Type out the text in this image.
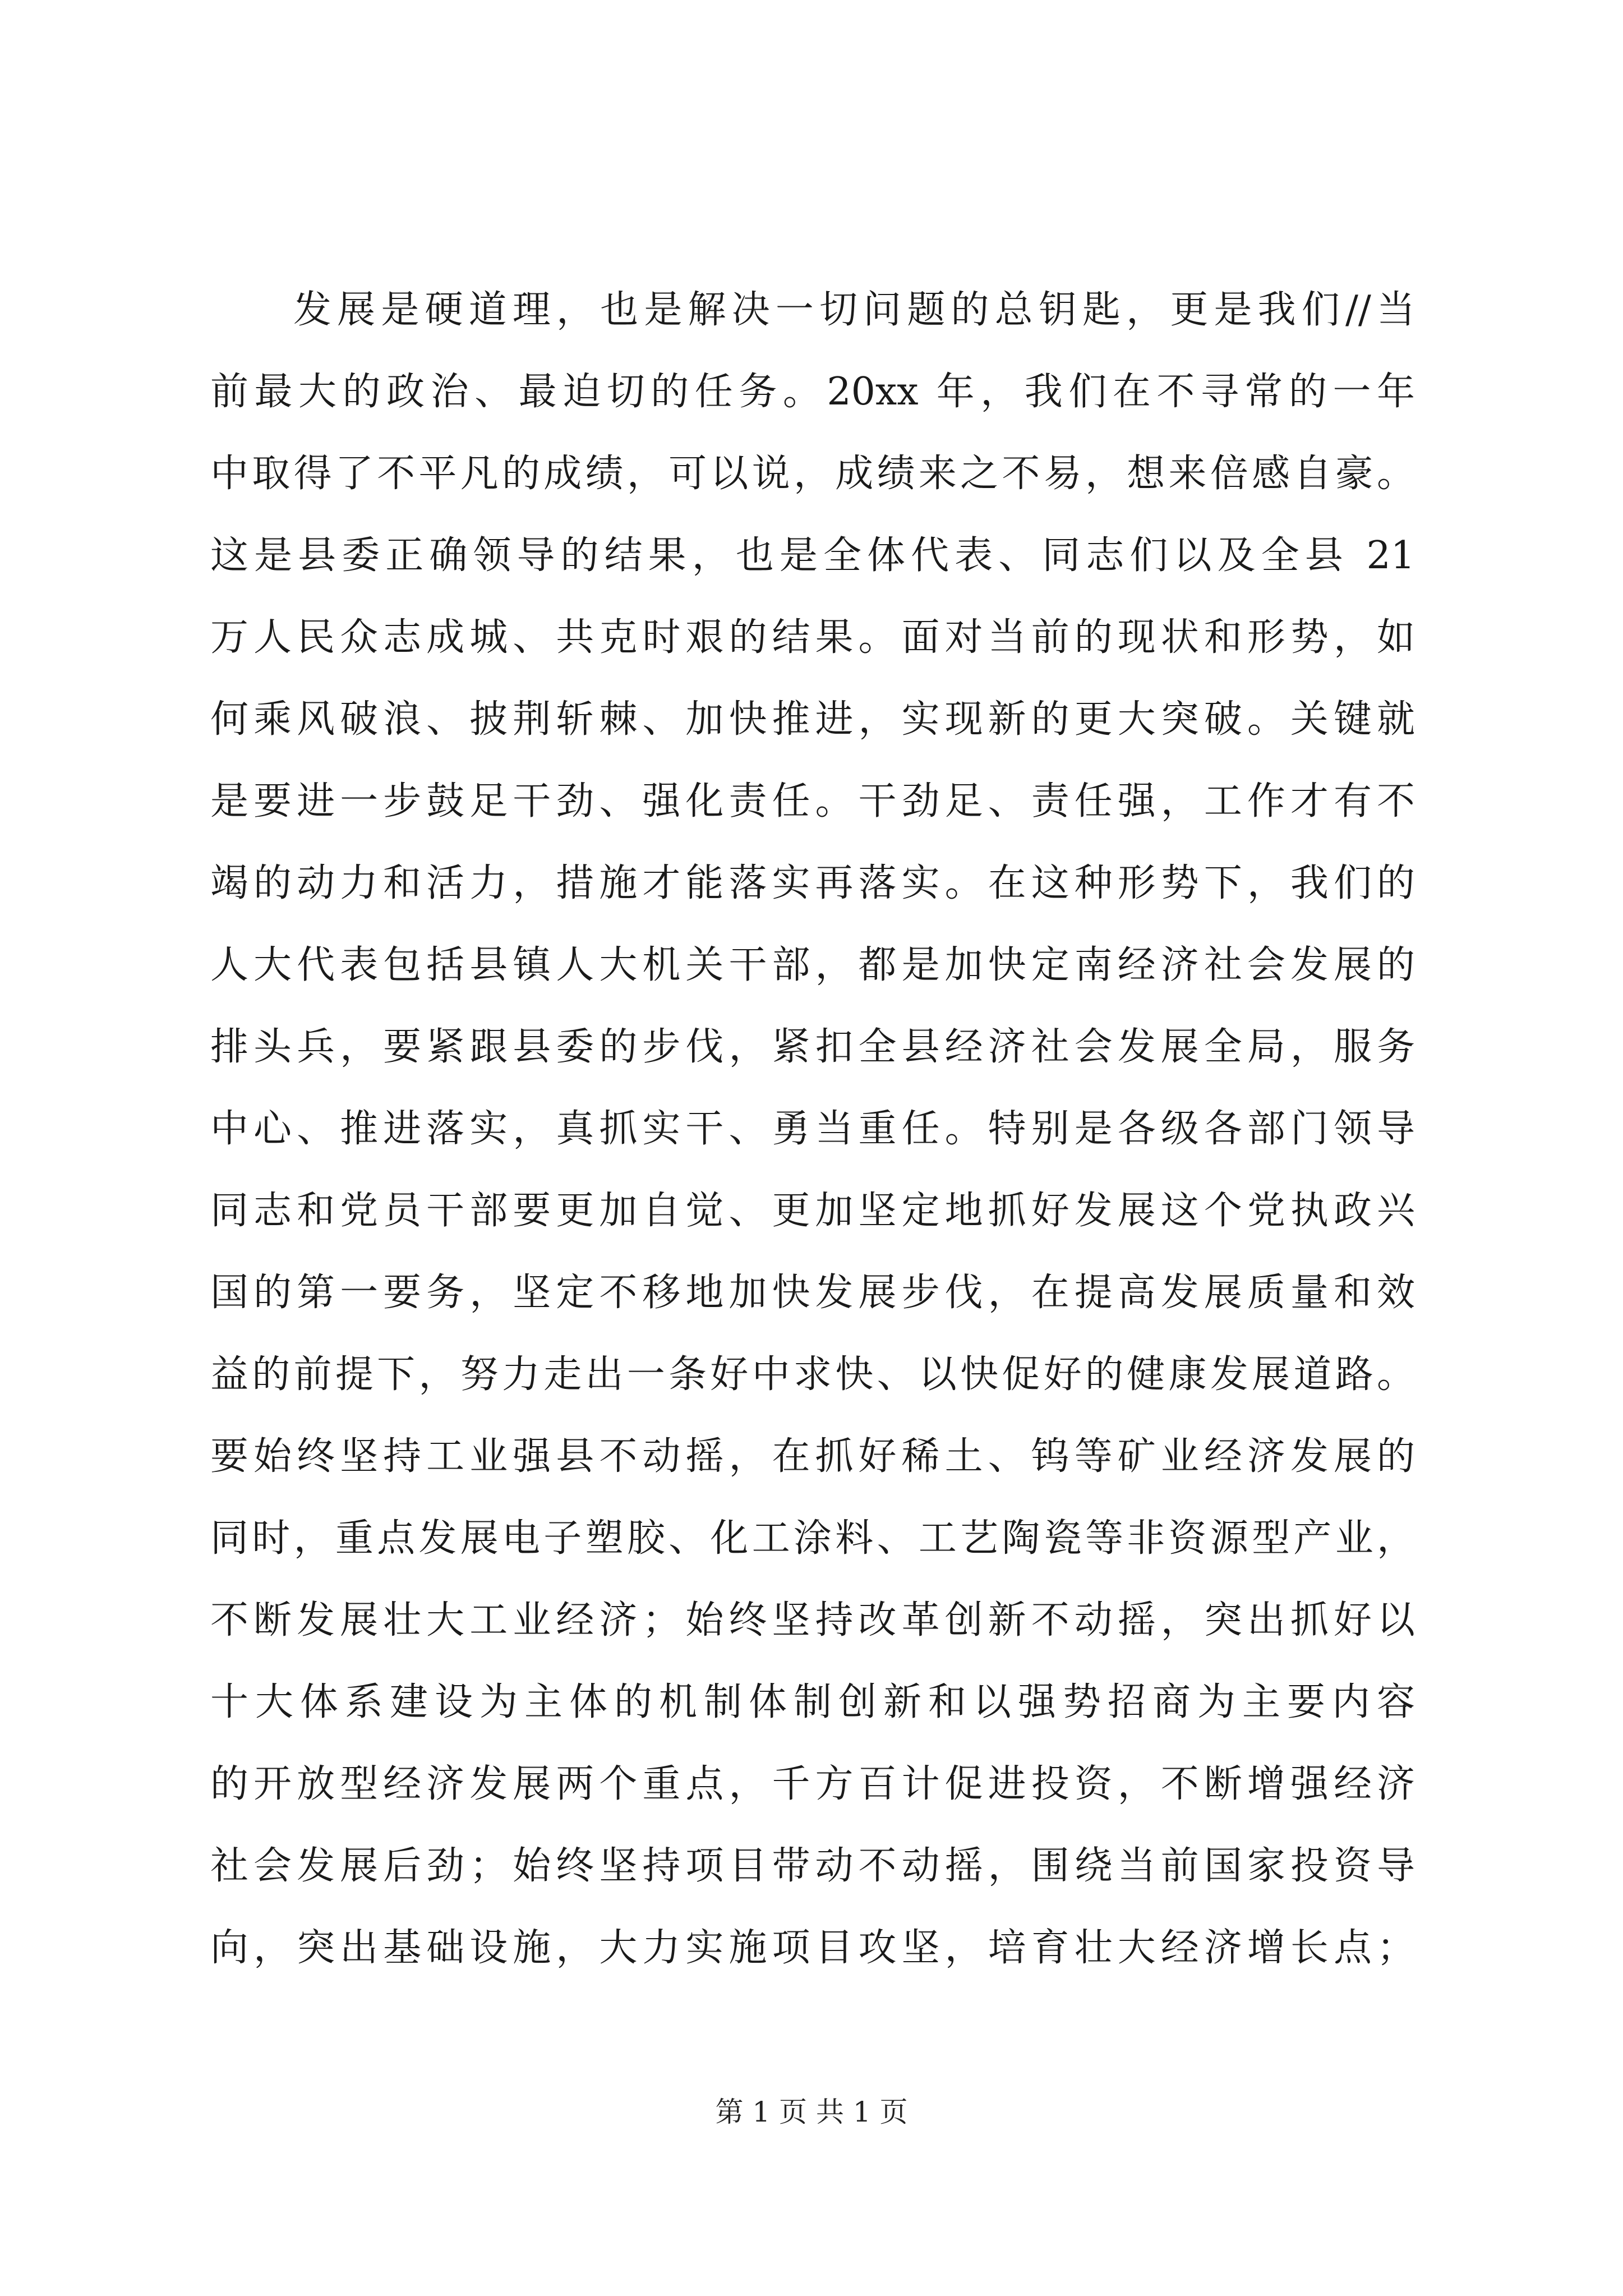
发展是硬道理，也是解决一切问题的总钥匙，更是我们//当
前最大的政治、最迫切的任务。20xx 年，我们在不寻常的一年
中取得了不平凡的成绩，可以说，成绩来之不易，想来倍感自豪。
这是县委正确领导的结果，也是全体代表、同志们以及全县 21
万人民众志成城、共克时艰的结果。面对当前的现状和形势，如
何乘风破浪、披荆斩棘、加快推进，实现新的更大突破。关键就
是要进一步鼓足干劲、强化责任。干劲足、责任强，工作才有不
竭的动力和活力，措施才能落实再落实。在这种形势下，我们的
人大代表包括县镇人大机关干部，都是加快定南经济社会发展的
排头兵，要紧跟县委的步伐，紧扣全县经济社会发展全局，服务
中心、推进落实，真抓实干、勇当重任。特别是各级各部门领导
同志和党员干部要更加自觉、更加坚定地抓好发展这个党执政兴
国的第一要务，坚定不移地加快发展步伐，在提高发展质量和效
益的前提下，努力走出一条好中求快、以快促好的健康发展道路。
要始终坚持工业强县不动摇，在抓好稀土、钨等矿业经济发展的
同时，重点发展电子塑胶、化工涂料、工艺陶瓷等非资源型产业，
不断发展壮大工业经济；始终坚持改革创新不动摇，突出抓好以
十大体系建设为主体的机制体制创新和以强势招商为主要内容
的开放型经济发展两个重点，千方百计促进投资，不断增强经济
社会发展后劲；始终坚持项目带动不动摇，围绕当前国家投资导
向，突出基础设施，大力实施项目攻坚，培育壮大经济增长点；
第 1 页 共 1 页
